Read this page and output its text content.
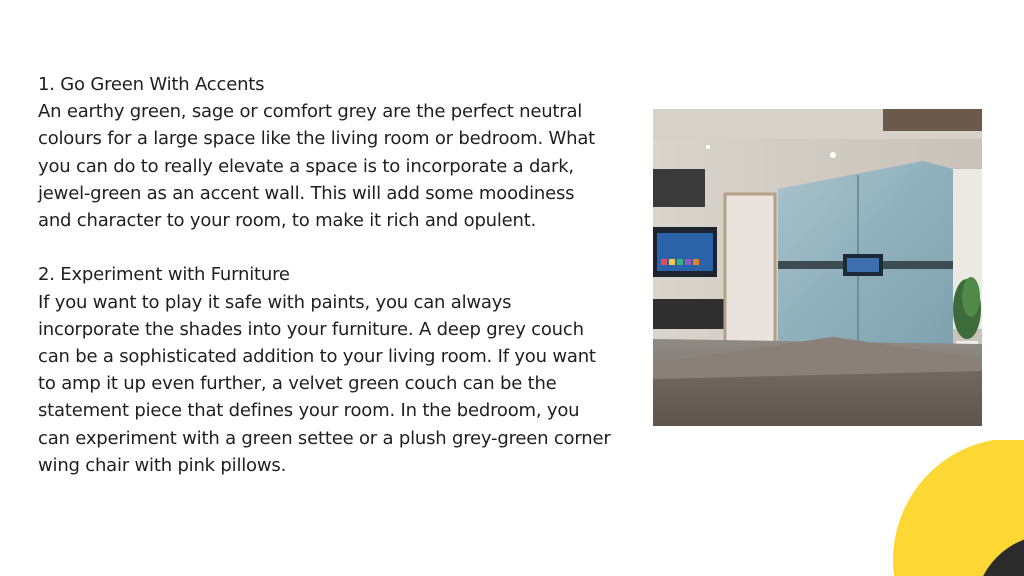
1. Go Green With Accents

An earthy green, sage or comfort grey are the perfect neutral

colours for a large space like the living room or bedroom. What

you can do to really elevate a space is to incorporate a dark,

jewel-green as an accent wall. This will add some moodiness

and character to your room, to make it rich and opulent.

2. Experiment with Furniture

If you want to play it safe with paints, you can always

incorporate the shades into your furniture. A deep grey couch

can be a sophisticated addition to your living room. If you want

to amp it up even further, a velvet green couch can be the

statement piece that defines your room. In the bedroom, you

can experiment with a green settee or a plush grey-green corner

wing chair with pink pillows.
